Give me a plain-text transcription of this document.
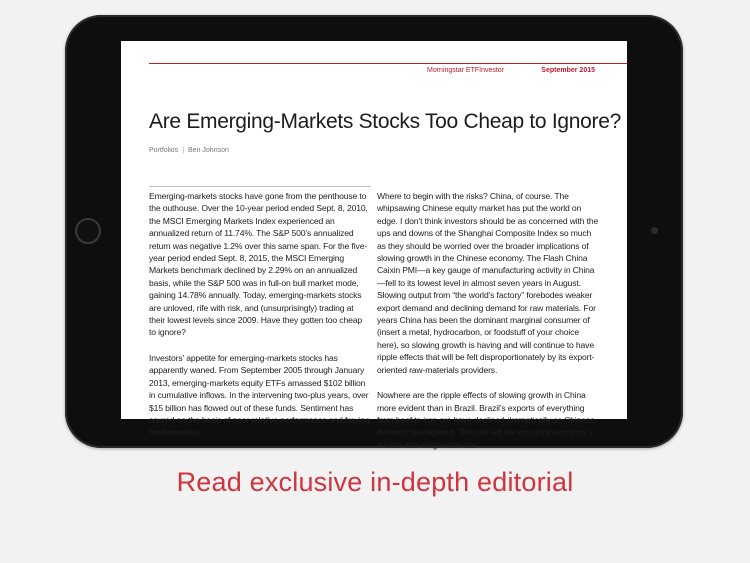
Morningstar ETFInvestor	September 2015
Are Emerging-Markets Stocks Too Cheap to Ignore?
Portfolios | Ben Johnson

Emerging-markets stocks have gone from the penthouse to the outhouse. Over the 10-year period ended Sept. 8, 2010, the MSCI Emerging Markets Index experienced an annualized return of 11.74%. The S&P 500’s annualized return was negative 1.2% over this same span. For the five-year period ended Sept. 8, 2015, the MSCI Emerging Markets benchmark declined by 2.29% on an annualized basis, while the S&P 500 was in full-on bull market mode, gaining 14.78% annually. Today, emerging-markets stocks are unloved, rife with risk, and (unsurprisingly) trading at their lowest levels since 2009. Have they gotten too cheap to ignore?

Investors’ appetite for emerging-markets stocks has apparently waned. From September 2005 through January 2013, emerging-markets equity ETFs amassed $102 billion in cumulative inflows. In the intervening two-plus years, over $15 billion has flowed out of these funds. Sentiment has soured on the basis of poor relative performance and fraying fundamentals.

Where to begin with the risks? China, of course. The whipsawing Chinese equity market has put the world on edge. I don’t think investors should be as concerned with the ups and downs of the Shanghai Composite Index so much as they should be worried over the broader implications of slowing growth in the Chinese economy. The Flash China Caixin PMI—a key gauge of manufacturing activity in China—fell to its lowest level in almost seven years in August. Slowing output from “the world’s factory” forebodes weaker export demand and declining demand for raw materials. For years China has been the dominant marginal consumer of (insert a metal, hydrocarbon, or foodstuff of your choice here), so slowing growth is having and will continue to have ripple effects that will be felt disproportionately by its export-oriented raw-materials providers.

Nowhere are the ripple effects of slowing growth in China more evident than in Brazil. Brazil’s exports of everything from beef to iron ore have declined dramatically as Chinese demand has tapered. This has left the country’s economy in a lurch and weighed on the

Read exclusive in-depth editorial
